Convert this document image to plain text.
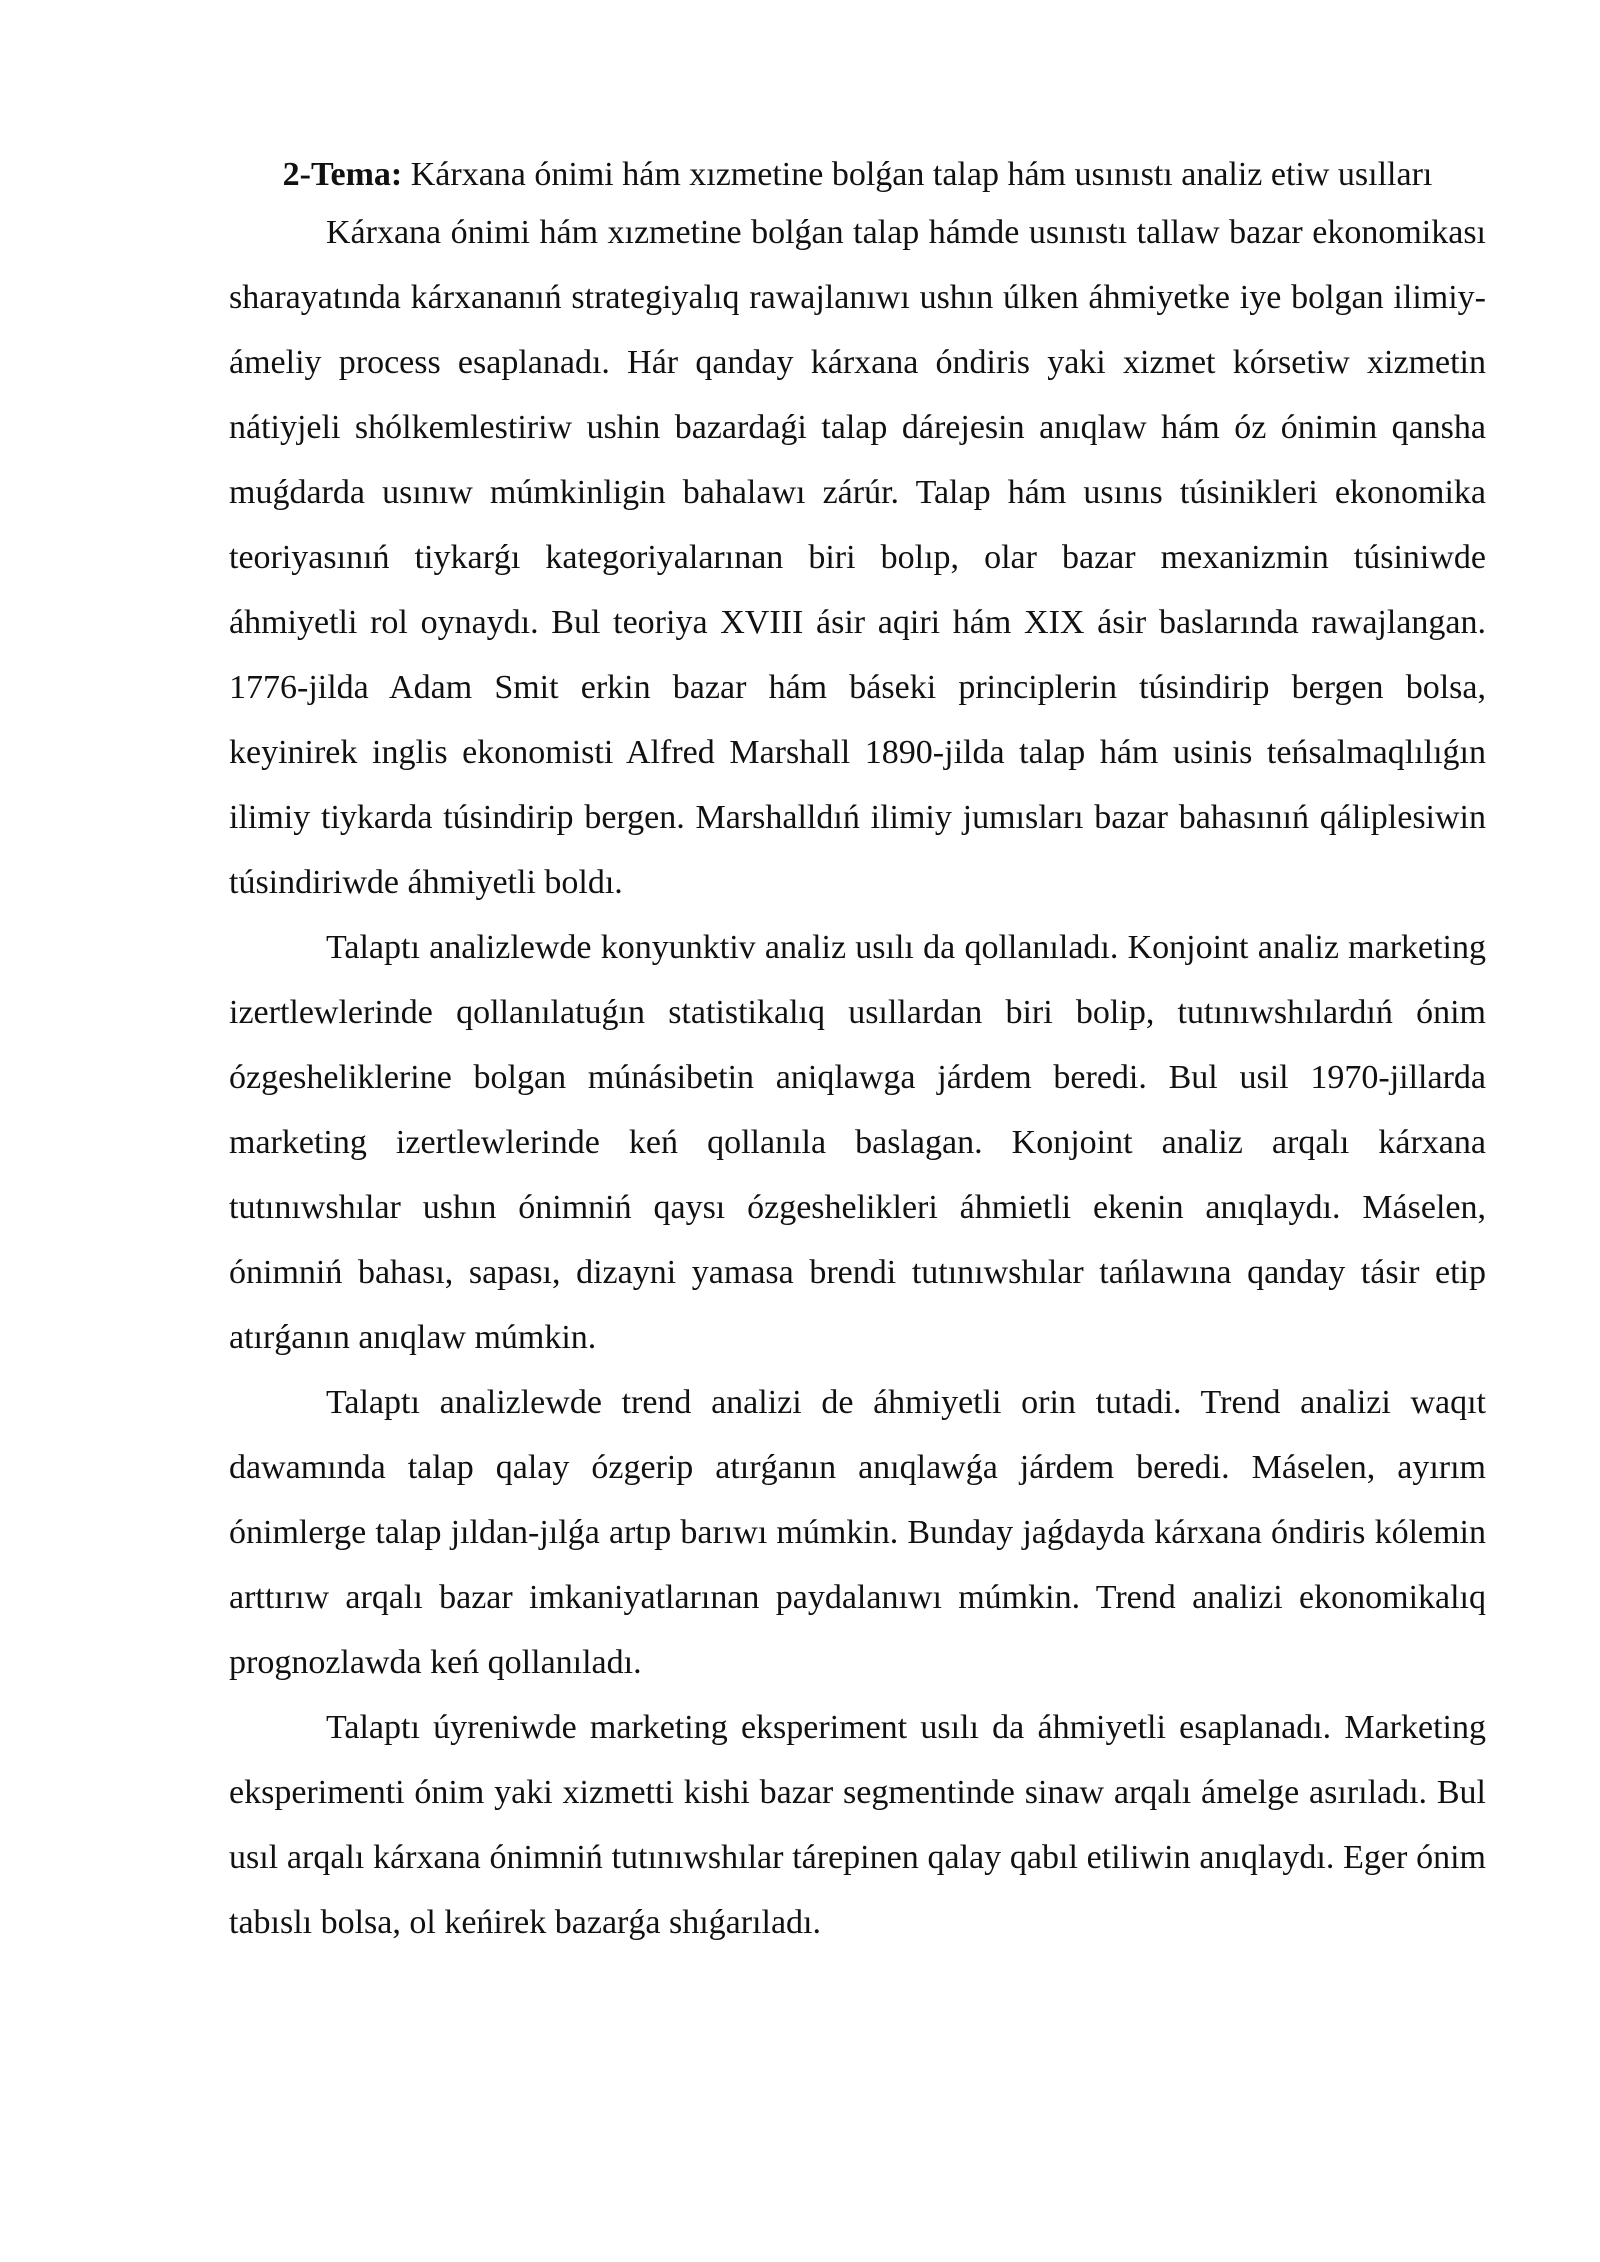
2-Tema: Kárxana ónimi hám xızmetine bolǵan talap hám usınıstı analiz etiw usılları

Kárxana ónimi hám xızmetine bolǵan talap hámde usınıstı tallaw bazar ekonomikası sharayatında kárxananıń strategiyalıq rawajlanıwı ushın úlken áhmiyetke iye bolgan ilimiy-ámeliy process esaplanadı. Hár qanday kárxana óndiris yaki xizmet kórsetiw xizmetin nátiyjeli shólkemlestiriw ushin bazardaǵi talap dárejesin anıqlaw hám óz ónimin qansha muǵdarda usınıw múmkinligin bahalawı zárúr. Talap hám usınıs túsinikleri ekonomika teoriyasınıń tiykarǵı kategoriyalarınan biri bolıp, olar bazar mexanizmin túsiniwde áhmiyetli rol oynaydı. Bul teoriya XVIII ásir aqiri hám XIX ásir baslarında rawajlangan. 1776-jilda Adam Smit erkin bazar hám báseki principlerin túsindirip bergen bolsa, keyinirek inglis ekonomisti Alfred Marshall 1890-jilda talap hám usinis teńsalmaqlılıǵın ilimiy tiykarda túsindirip bergen. Marshalldıń ilimiy jumısları bazar bahasınıń qáliplesiwin túsindiriwde áhmiyetli boldı.

Talaptı analizlewde konyunktiv analiz usılı da qollanıladı. Konjoint analiz marketing izertlewlerinde qollanılatuǵın statistikalıq usıllardan biri bolip, tutınıwshılardıń ónim ózgesheliklerine bolgan múnásibetin aniqlawga járdem beredi. Bul usil 1970-jillarda marketing izertlewlerinde keń qollanıla baslagan. Konjoint analiz arqalı kárxana tutınıwshılar ushın ónimniń qaysı ózgeshelikleri áhmietli ekenin anıqlaydı. Máselen, ónimniń bahası, sapası, dizayni yamasa brendi tutınıwshılar tańlawına qanday tásir etip atırǵanın anıqlaw múmkin.

Talaptı analizlewde trend analizi de áhmiyetli orin tutadi. Trend analizi waqıt dawamında talap qalay ózgerip atırǵanın anıqlawǵa járdem beredi. Máselen, ayırım ónimlerge talap jıldan-jılǵa artıp barıwı múmkin. Bunday jaǵdayda kárxana óndiris kólemin arttırıw arqalı bazar imkaniyatlarınan paydalanıwı múmkin. Trend analizi ekonomikalıq prognozlawda keń qollanıladı.

Talaptı úyreniwde marketing eksperiment usılı da áhmiyetli esaplanadı. Marketing eksperimenti ónim yaki xizmetti kishi bazar segmentinde sinaw arqalı ámelge asırıladı. Bul usıl arqalı kárxana ónimniń tutınıwshılar tárepinen qalay qabıl etiliwin anıqlaydı. Eger ónim tabıslı bolsa, ol keńirek bazarǵa shıǵarıladı.
